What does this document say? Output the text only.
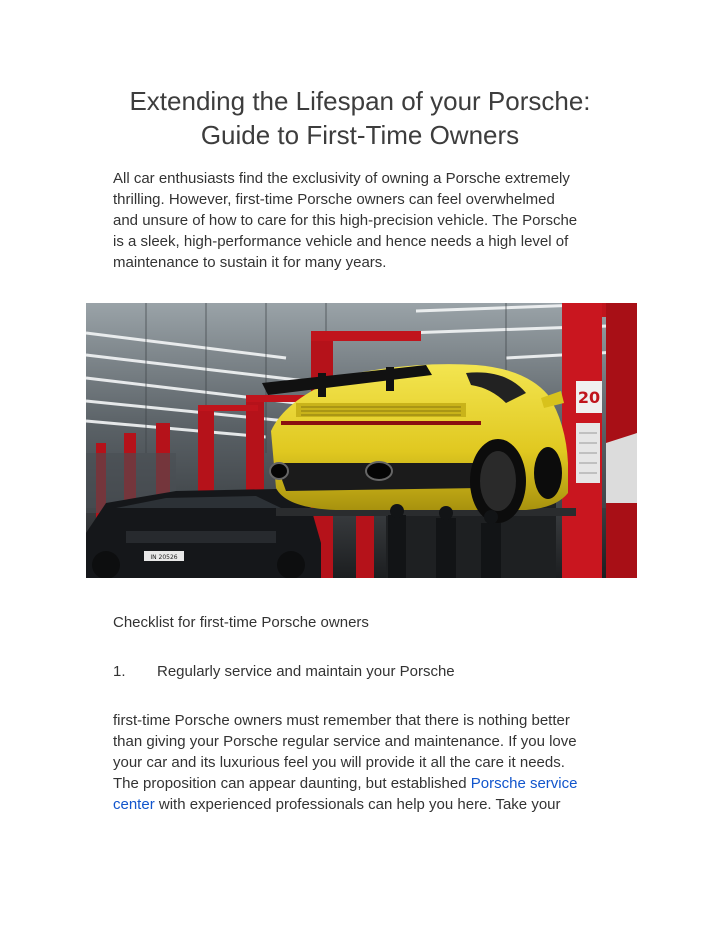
Extending the Lifespan of your Porsche:
Guide to First-Time Owners

All car enthusiasts find the exclusivity of owning a Porsche extremely
thrilling. However, first-time Porsche owners can feel overwhelmed
and unsure of how to care for this high-precision vehicle. The Porsche
is a sleek, high-performance vehicle and hence needs a high level of
maintenance to sustain it for many years.

20
IN 20526

Checklist for first-time Porsche owners

1. Regularly service and maintain your Porsche

first-time Porsche owners must remember that there is nothing better
than giving your Porsche regular service and maintenance. If you love
your car and its luxurious feel you will provide it all the care it needs.
The proposition can appear daunting, but established Porsche service
center with experienced professionals can help you here. Take your
